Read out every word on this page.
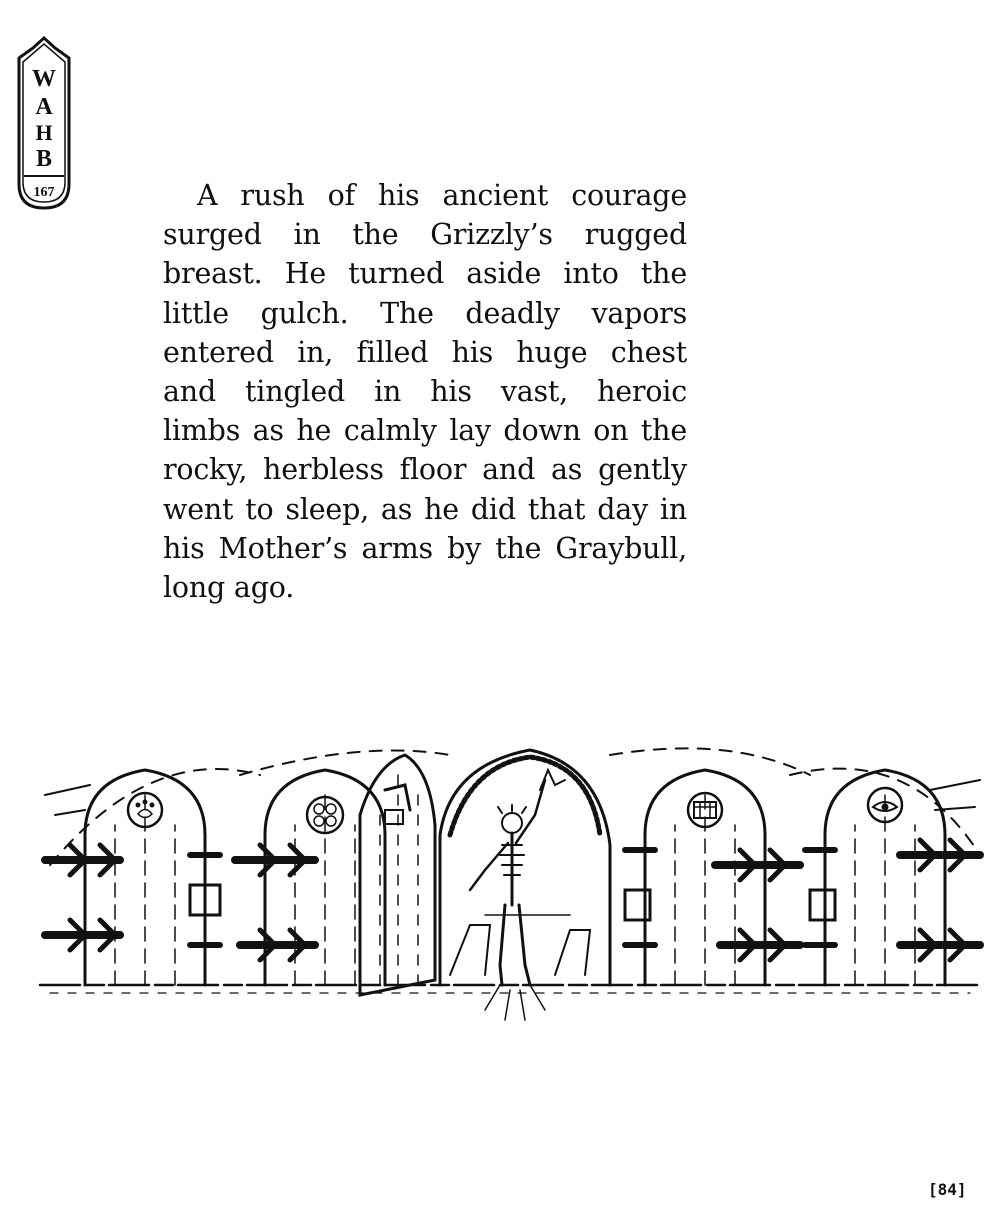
W
A
H
B
167	A rush of his ancient courage
surged in the Grizzly’s rugged
breast. He turned aside into the
little gulch. The deadly vapors
entered in, filled his huge chest
and tingled in his vast, heroic
limbs as he calmly lay down on the
rocky, herbless floor and as gently
went to sleep, as he did that day in
his Mother’s arms by the Graybull,
long ago.
[84]
